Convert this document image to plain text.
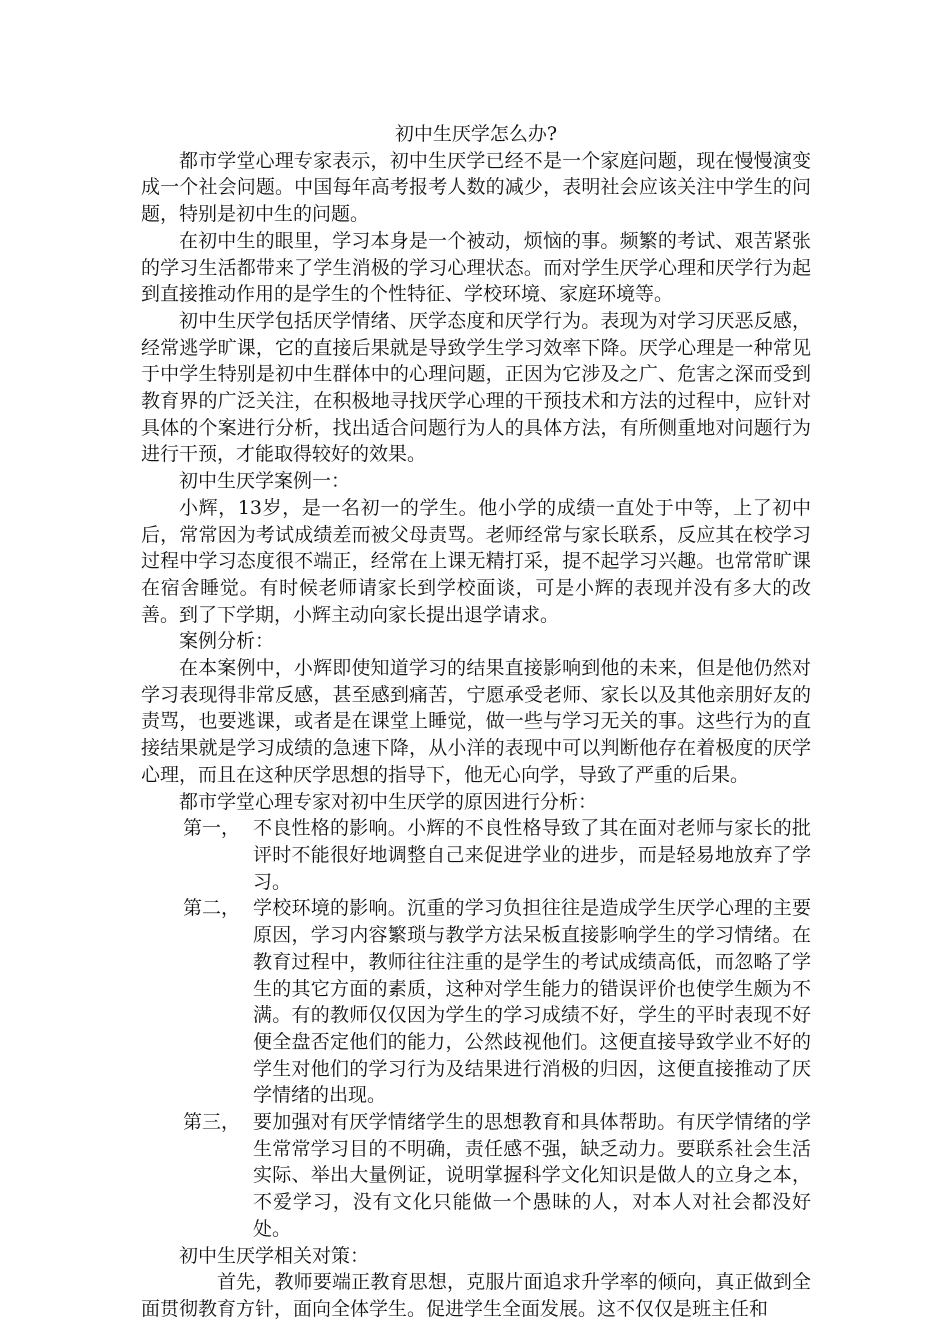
初中生厌学怎么办?

都市学堂心理专家表示，初中生厌学已经不是一个家庭问题，现在慢慢演变成一个社会问题。中国每年高考报考人数的减少，表明社会应该关注中学生的问题，特别是初中生的问题。

在初中生的眼里，学习本身是一个被动，烦恼的事。频繁的考试、艰苦紧张的学习生活都带来了学生消极的学习心理状态。而对学生厌学心理和厌学行为起到直接推动作用的是学生的个性特征、学校环境、家庭环境等。

初中生厌学包括厌学情绪、厌学态度和厌学行为。表现为对学习厌恶反感，经常逃学旷课，它的直接后果就是导致学生学习效率下降。厌学心理是一种常见于中学生特别是初中生群体中的心理问题，正因为它涉及之广、危害之深而受到教育界的广泛关注，在积极地寻找厌学心理的干预技术和方法的过程中，应针对具体的个案进行分析，找出适合问题行为人的具体方法，有所侧重地对问题行为进行干预，才能取得较好的效果。

初中生厌学案例一：

小辉，13岁，是一名初一的学生。他小学的成绩一直处于中等，上了初中后，常常因为考试成绩差而被父母责骂。老师经常与家长联系，反应其在校学习过程中学习态度很不端正，经常在上课无精打采，提不起学习兴趣。也常常旷课在宿舍睡觉。有时候老师请家长到学校面谈，可是小辉的表现并没有多大的改善。到了下学期，小辉主动向家长提出退学请求。

案例分析：

在本案例中，小辉即使知道学习的结果直接影响到他的未来，但是他仍然对学习表现得非常反感，甚至感到痛苦，宁愿承受老师、家长以及其他亲朋好友的责骂，也要逃课，或者是在课堂上睡觉，做一些与学习无关的事。这些行为的直接结果就是学习成绩的急速下降，从小洋的表现中可以判断他存在着极度的厌学心理，而且在这种厌学思想的指导下，他无心向学，导致了严重的后果。

都市学堂心理专家对初中生厌学的原因进行分析：

第一， 不良性格的影响。小辉的不良性格导致了其在面对老师与家长的批评时不能很好地调整自己来促进学业的进步，而是轻易地放弃了学习。
第二， 学校环境的影响。沉重的学习负担往往是造成学生厌学心理的主要原因，学习内容繁琐与教学方法呆板直接影响学生的学习情绪。在教育过程中，教师往往注重的是学生的考试成绩高低，而忽略了学生的其它方面的素质，这种对学生能力的错误评价也使学生颇为不满。有的教师仅仅因为学生的学习成绩不好，学生的平时表现不好便全盘否定他们的能力，公然歧视他们。这便直接导致学业不好的学生对他们的学习行为及结果进行消极的归因，这便直接推动了厌学情绪的出现。
第三， 要加强对有厌学情绪学生的思想教育和具体帮助。有厌学情绪的学生常常学习目的不明确，责任感不强，缺乏动力。要联系社会生活实际、举出大量例证，说明掌握科学文化知识是做人的立身之本，不爱学习，没有文化只能做一个愚昧的人，对本人对社会都没好处。

初中生厌学相关对策：

首先，教师要端正教育思想，克服片面追求升学率的倾向，真正做到全面贯彻教育方针，面向全体学生。促进学生全面发展。这不仅仅是班主任和
